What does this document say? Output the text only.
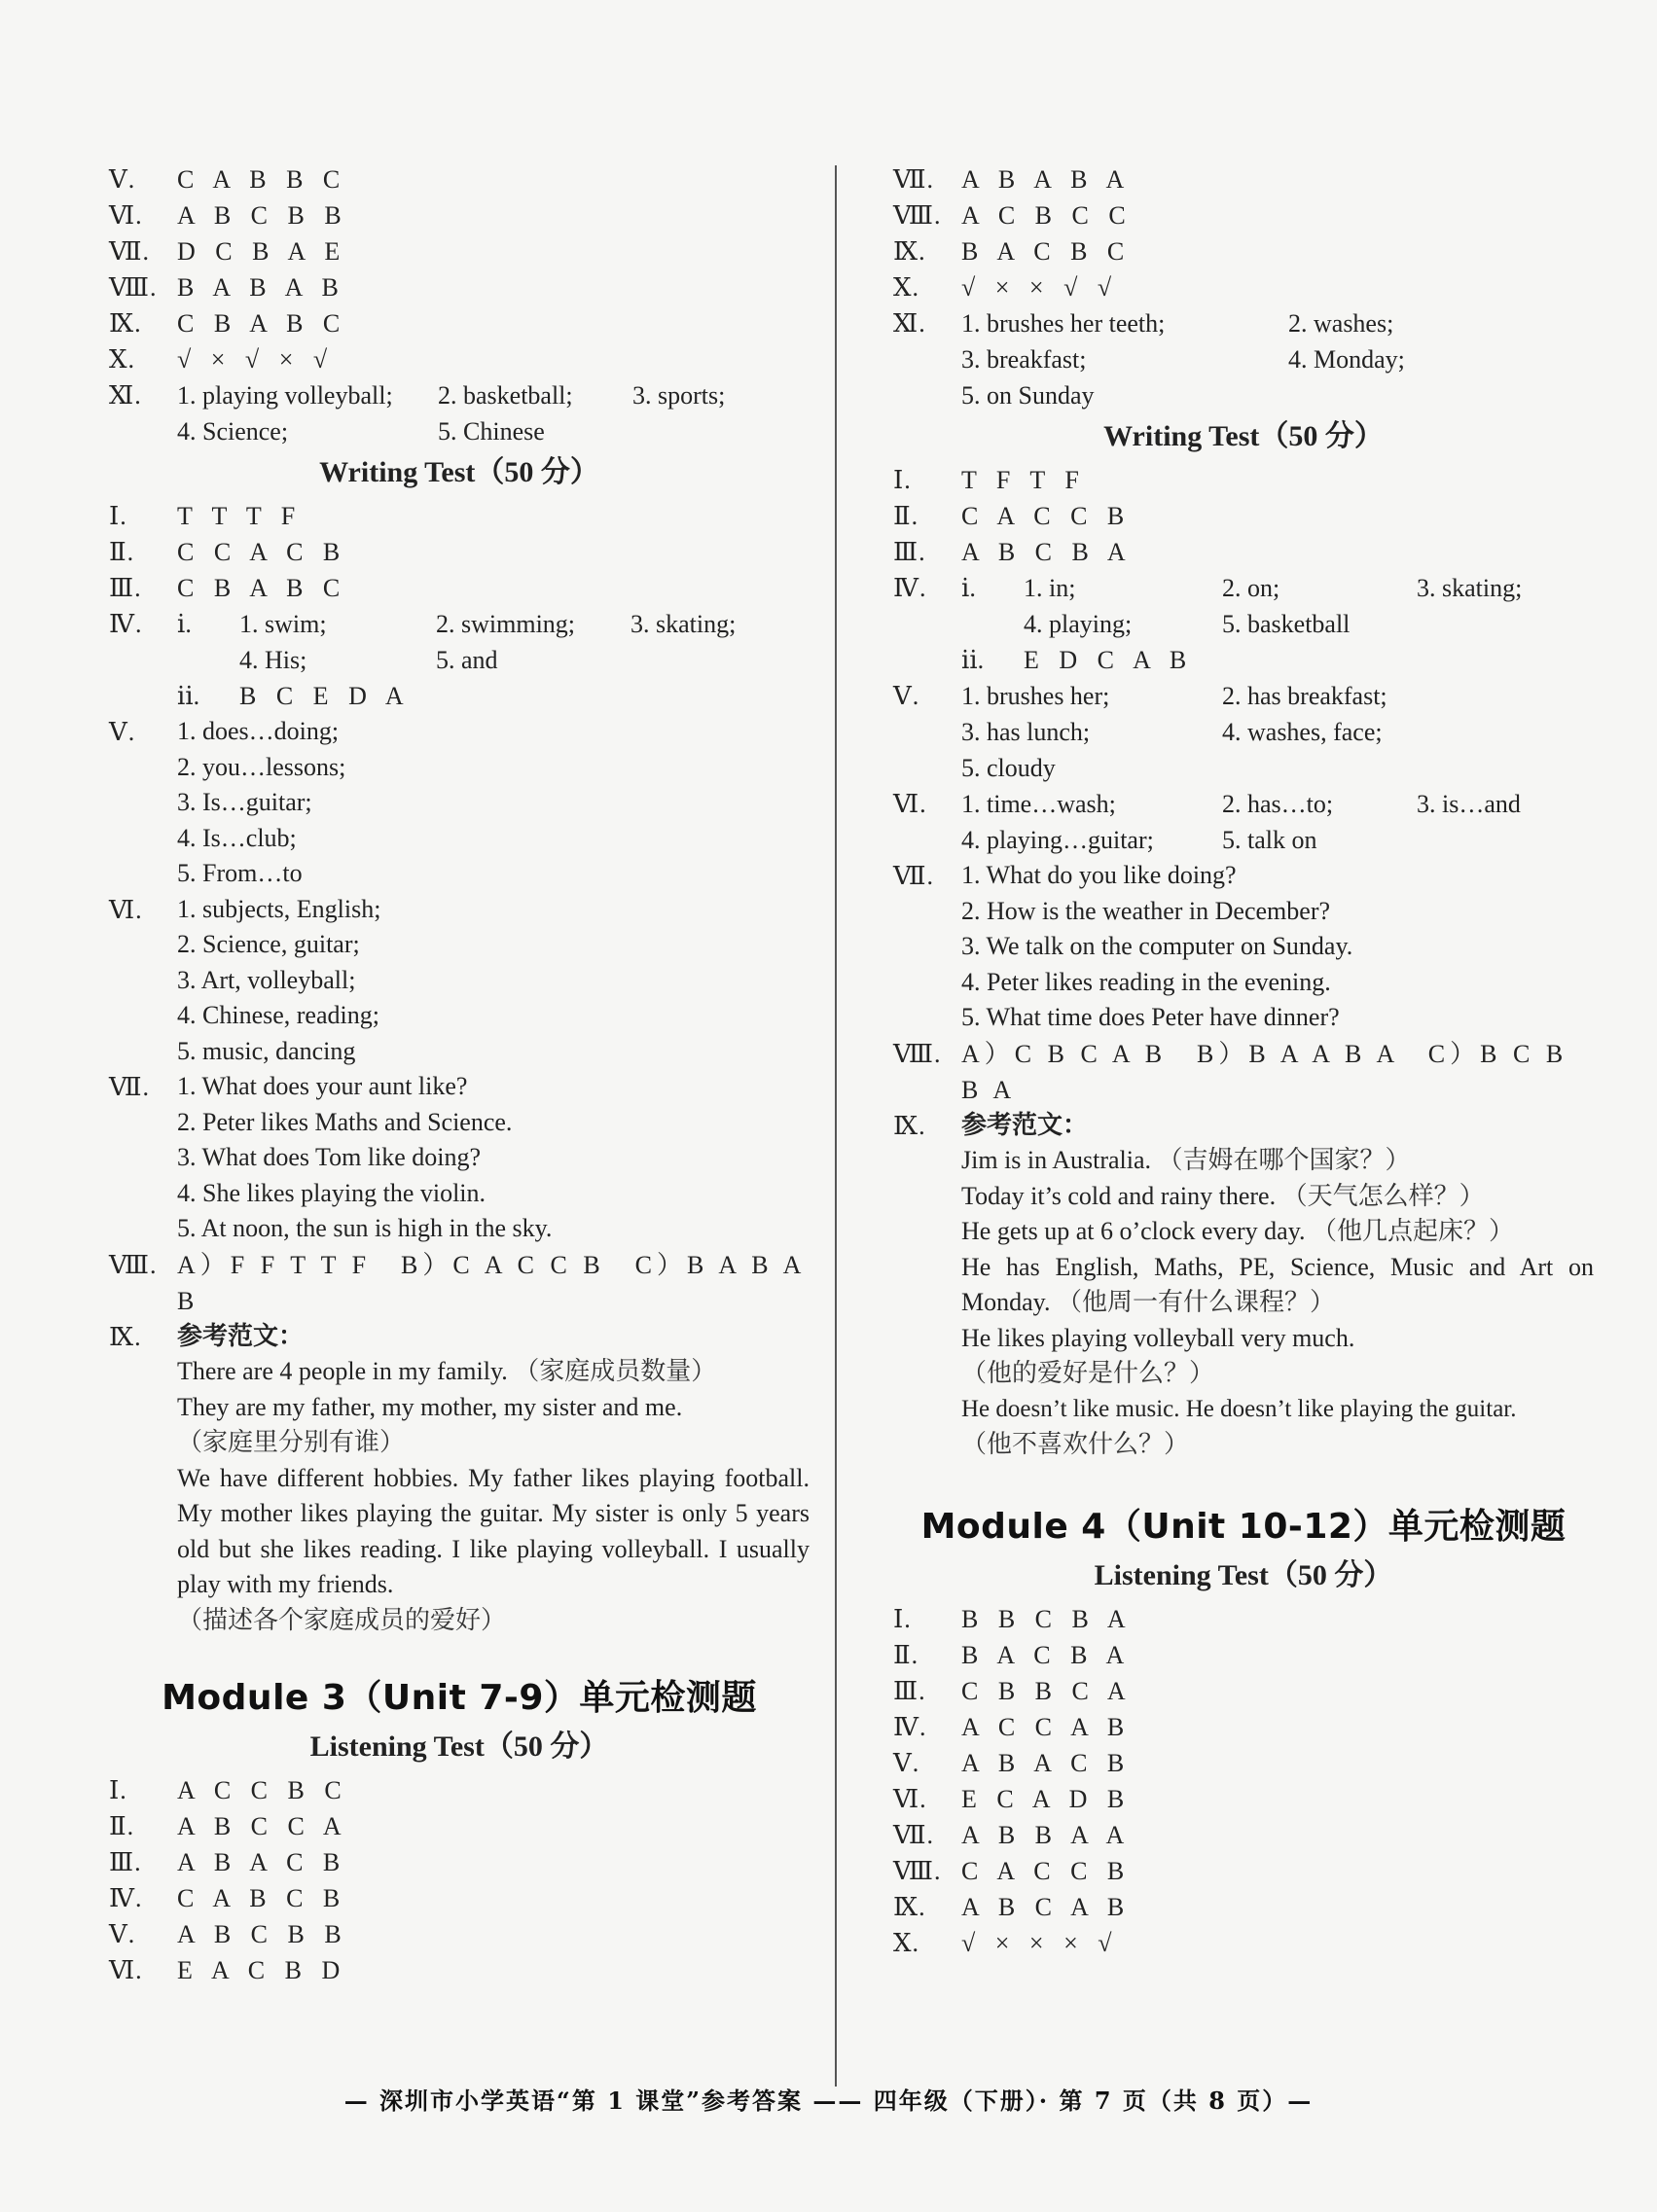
Ⅴ.	C A B B C
Ⅵ.	A B C B B
Ⅶ.	D C B A E
Ⅷ. B A B A B
Ⅸ.	C B A B C
Ⅹ.	√ × √ × √
Ⅺ.	1. playing volleyball;	2. basketball;	3. sports;
4. Science;	5. Chinese
Writing Test（50 分）
Ⅰ.	T T T F
Ⅱ.	C C A C B
Ⅲ.	C B A B C
Ⅳ.	ⅰ.	1. swim;	2. swimming;	3. skating;
4. His;	5. and
ⅱ. B C E D A
Ⅴ.	1. does…doing;
2. you…lessons;
3. Is…guitar;
4. Is…club;
5. From…to
Ⅵ.	1. subjects, English;
2. Science, guitar;
3. Art, volleyball;
4. Chinese, reading;
5. music, dancing
Ⅶ.	1. What does your aunt like?
2. Peter likes Maths and Science.
3. What does Tom like doing?
4. She likes playing the violin.
5. At noon, the sun is high in the sky.
Ⅷ. A）F F T T F　B）C A C C B　C）B A B A B
Ⅸ.	参考范文：
There are 4 people in my family. （家庭成员数量）
They are my father, my mother, my sister and me.
（家庭里分别有谁）
We have different hobbies. My father likes playing football. My mother likes playing the guitar. My sister is only 5 years old but she likes reading. I like playing volleyball. I usually play with my friends.
（描述各个家庭成员的爱好）
Module 3（Unit 7-9）单元检测题
Listening Test（50 分）
Ⅰ.	A C C B C
Ⅱ.	A B C C A
Ⅲ.	A B A C B
Ⅳ.	C A B C B
Ⅴ.	A B C B B
Ⅵ.	E A C B D
Ⅶ.	A B A B A
Ⅷ. A C B C C
Ⅸ.	B A C B C
Ⅹ.	√ × × √ √
Ⅺ.	1. brushes her teeth;	2. washes;
3. breakfast;	4. Monday;
5. on Sunday
Writing Test（50 分）
Ⅰ.	T F T F
Ⅱ.	C A C C B
Ⅲ.	A B C B A
Ⅳ.	ⅰ.	1. in;	2. on;	3. skating;
4. playing;	5. basketball
ⅱ. E D C A B
Ⅴ.	1. brushes her;	2. has breakfast;
3. has lunch;	4. washes, face;
5. cloudy
Ⅵ.	1. time…wash;	2. has…to;	3. is…and
4. playing…guitar;	5. talk on
Ⅶ.	1. What do you like doing?
2. How is the weather in December?
3. We talk on the computer on Sunday.
4. Peter likes reading in the evening.
5. What time does Peter have dinner?
Ⅷ. A）C B C A B　B）B A A B A　C）B C B B A
Ⅸ.	参考范文：
Jim is in Australia. （吉姆在哪个国家？）
Today it’s cold and rainy there. （天气怎么样？）
He gets up at 6 o’clock every day. （他几点起床？）
He has English, Maths, PE, Science, Music and Art on Monday. （他周一有什么课程？）
He likes playing volleyball very much.
（他的爱好是什么？）
He doesn’t like music. He doesn’t like playing the guitar.
（他不喜欢什么？）
Module 4（Unit 10-12）单元检测题
Listening Test（50 分）
Ⅰ.	B B C B A
Ⅱ.	B A C B A
Ⅲ.	C B B C A
Ⅳ.	A C C A B
Ⅴ.	A B A C B
Ⅵ.	E C A D B
Ⅶ.	A B B A A
Ⅷ. C A C C B
Ⅸ.	A B C A B
Ⅹ.	√ × × × √
— 深圳市小学英语“第 1 课堂”参考答案 —— 四年级（下册）· 第 7 页（共 8 页）—
